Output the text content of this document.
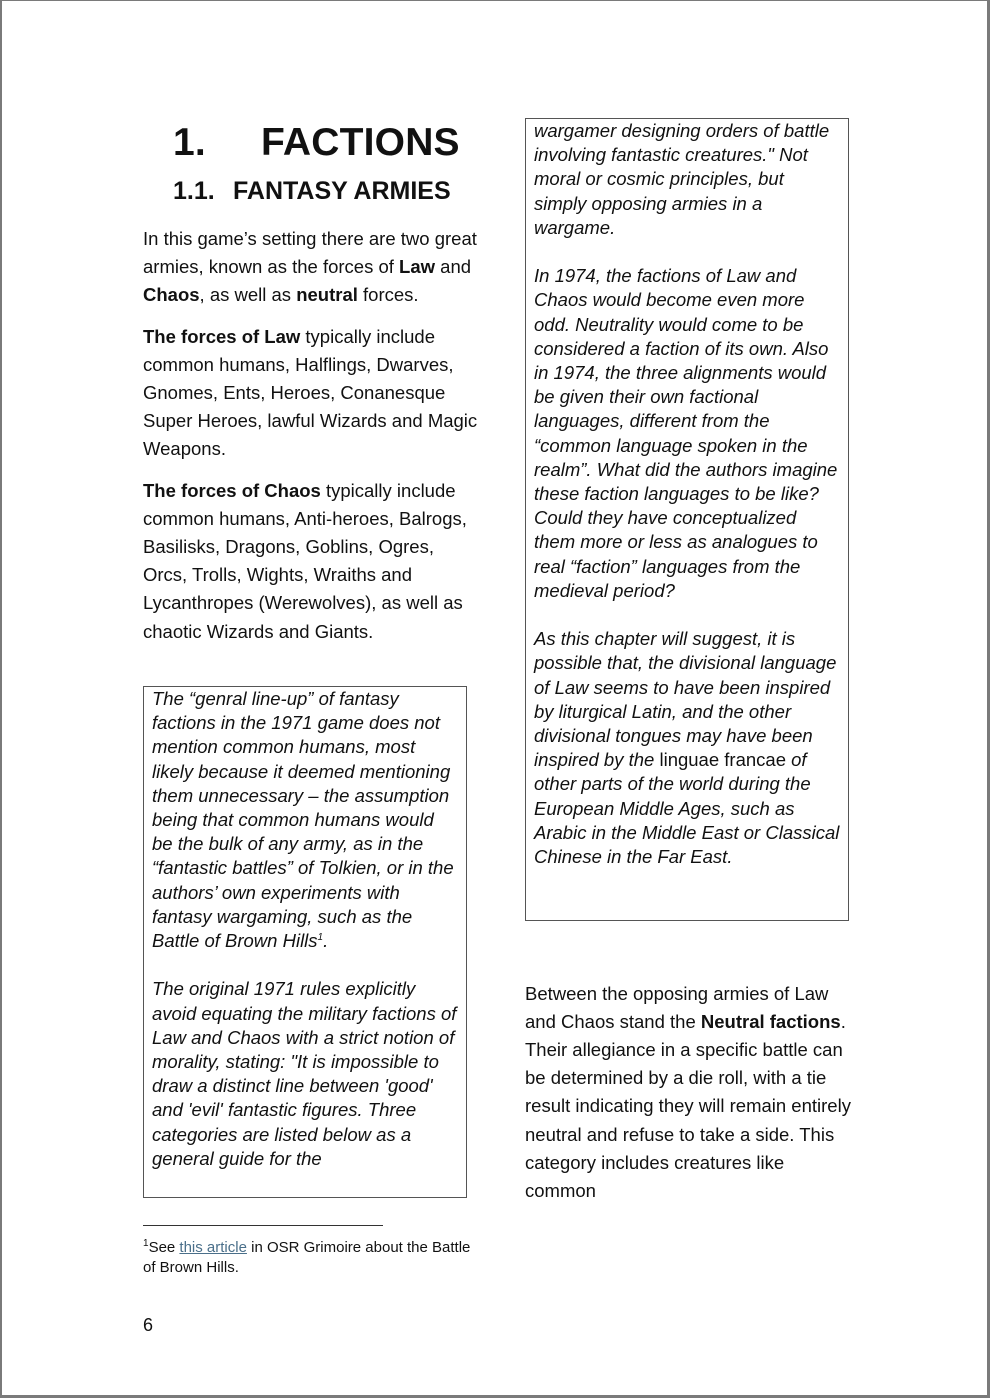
1. FACTIONS
1.1. FANTASY ARMIES

In this game’s setting there are two great armies, known as the forces of Law and Chaos, as well as neutral forces.

The forces of Law typically include common humans, Halflings, Dwarves, Gnomes, Ents, Heroes, Conanesque Super Heroes, lawful Wizards and Magic Weapons.

The forces of Chaos typically include common humans, Anti-heroes, Balrogs, Basilisks, Dragons, Goblins, Ogres, Orcs, Trolls, Wights, Wraiths and Lycanthropes (Werewolves), as well as chaotic Wizards and Giants.

The “genral line-up” of fantasy factions in the 1971 game does not mention common humans, most likely because it deemed mentioning them unnecessary – the assumption being that common humans would be the bulk of any army, as in the “fantastic battles” of Tolkien, or in the authors’ own experiments with fantasy wargaming, such as the Battle of Brown Hills$^1$.

The original 1971 rules explicitly avoid equating the military factions of Law and Chaos with a strict notion of morality, stating: "It is impossible to draw a distinct line between 'good' and 'evil' fantastic figures. Three categories are listed below as a general guide for the

wargamer designing orders of battle involving fantastic creatures." Not moral or cosmic principles, but simply opposing armies in a wargame.

In 1974, the factions of Law and Chaos would become even more odd. Neutrality would come to be considered a faction of its own. Also in 1974, the three alignments would be given their own factional languages, different from the “common language spoken in the realm”. What did the authors imagine these faction languages to be like? Could they have conceptualized them more or less as analogues to real “faction” languages from the medieval period?

As this chapter will suggest, it is possible that, the divisional language of Law seems to have been inspired by liturgical Latin, and the other divisional tongues may have been inspired by the linguae francae of other parts of the world during the European Middle Ages, such as Arabic in the Middle East or Classical Chinese in the Far East.

Between the opposing armies of Law and Chaos stand the Neutral factions. Their allegiance in a specific battle can be determined by a die roll, with a tie result indicating they will remain entirely neutral and refuse to take a side. This category includes creatures like common

$^1$See this article in OSR Grimoire about the Battle of Brown Hills.
6
